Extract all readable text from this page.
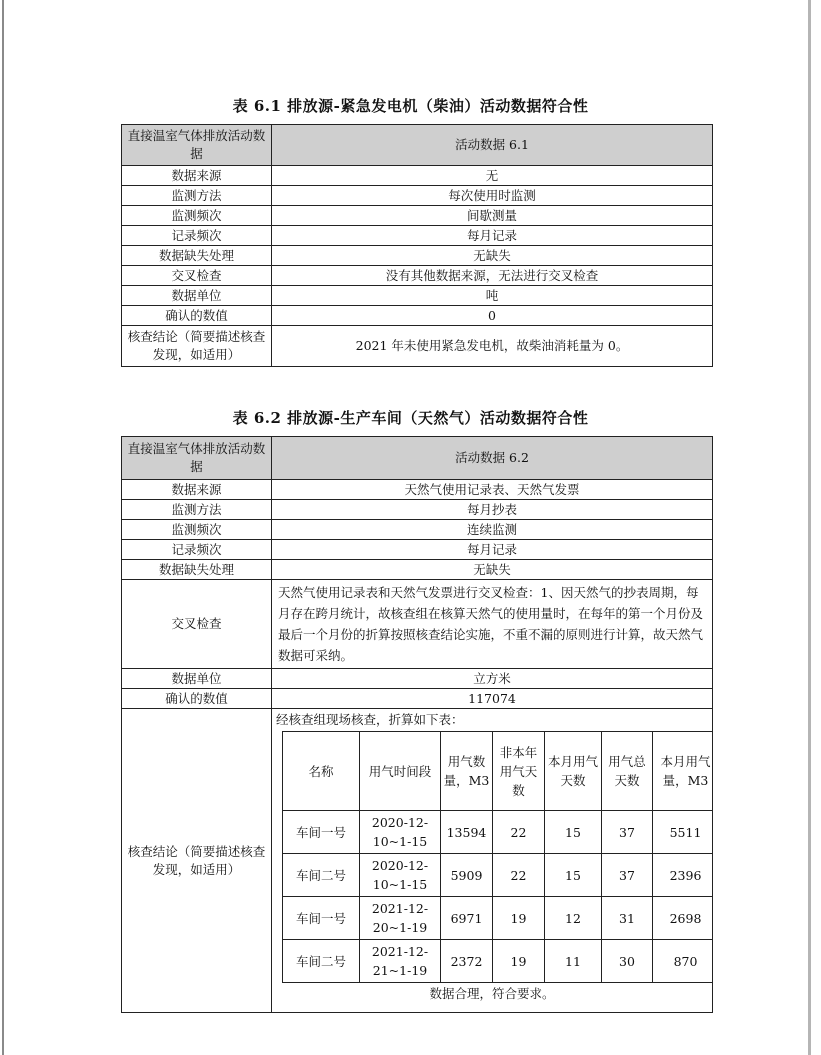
表 6.1 排放源-紧急发电机（柴油）活动数据符合性
直接温室气体排放活动数据	活动数据 6.1
数据来源	无
监测方法	每次使用时监测
监测频次	间歇测量
记录频次	每月记录
数据缺失处理	无缺失
交叉检查	没有其他数据来源，无法进行交叉检查
数据单位	吨
确认的数值	0
核查结论（简要描述核查发现，如适用）	2021 年未使用紧急发电机，故柴油消耗量为 0。
表 6.2 排放源-生产车间（天然气）活动数据符合性
直接温室气体排放活动数据	活动数据 6.2
数据来源	天然气使用记录表、天然气发票
监测方法	每月抄表
监测频次	连续监测
记录频次	每月记录
数据缺失处理	无缺失
交叉检查	天然气使用记录表和天然气发票进行交叉检查：1、因天然气的抄表周期，每月存在跨月统计，故核查组在核算天然气的使用量时，在每年的第一个月份及最后一个月份的折算按照核查结论实施，不重不漏的原则进行计算，故天然气数据可采纳。
数据单位	立方米
确认的数值	117074
核查结论（简要描述核查发现，如适用）	
经核查组现场核查，折算如下表：
名称	用气时间段	用气数量，M3	非本年用气天数	本月用气天数	用气总天数	本月用气量，M3
车间一号	2020-12-10~1-15	13594	22	15	37	5511
车间二号	2020-12-10~1-15	5909	22	15	37	2396
车间一号	2021-12-20~1-19	6971	19	12	31	2698
车间二号	2021-12-21~1-19	2372	19	11	30	870
数据合理，符合要求。
